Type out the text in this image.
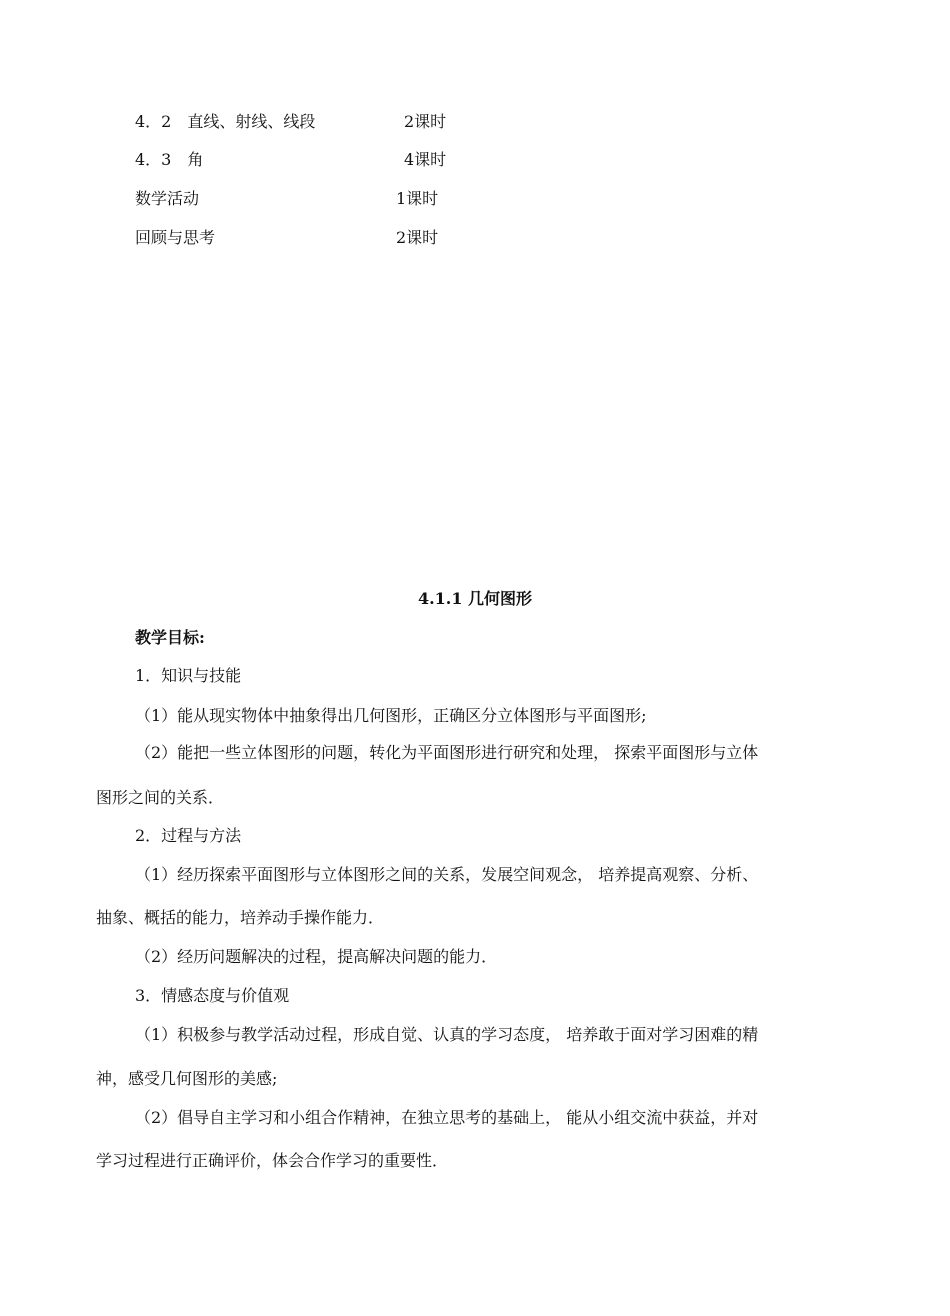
4．2　直线、射线、线段	2课时
4．3　角	4课时
数学活动	1课时
回顾与思考	2课时
4.1.1 几何图形
教学目标:
1．知识与技能
（1）能从现实物体中抽象得出几何图形，正确区分立体图形与平面图形;
（2）能把一些立体图形的问题，转化为平面图形进行研究和处理， 探索平面图形与立体
图形之间的关系．
2．过程与方法
（1）经历探索平面图形与立体图形之间的关系，发展空间观念， 培养提高观察、分析、
抽象、概括的能力，培养动手操作能力．
（2）经历问题解决的过程，提高解决问题的能力．
3．情感态度与价值观
（1）积极参与教学活动过程，形成自觉、认真的学习态度， 培养敢于面对学习困难的精
神，感受几何图形的美感;
（2）倡导自主学习和小组合作精神，在独立思考的基础上， 能从小组交流中获益，并对
学习过程进行正确评价，体会合作学习的重要性．
